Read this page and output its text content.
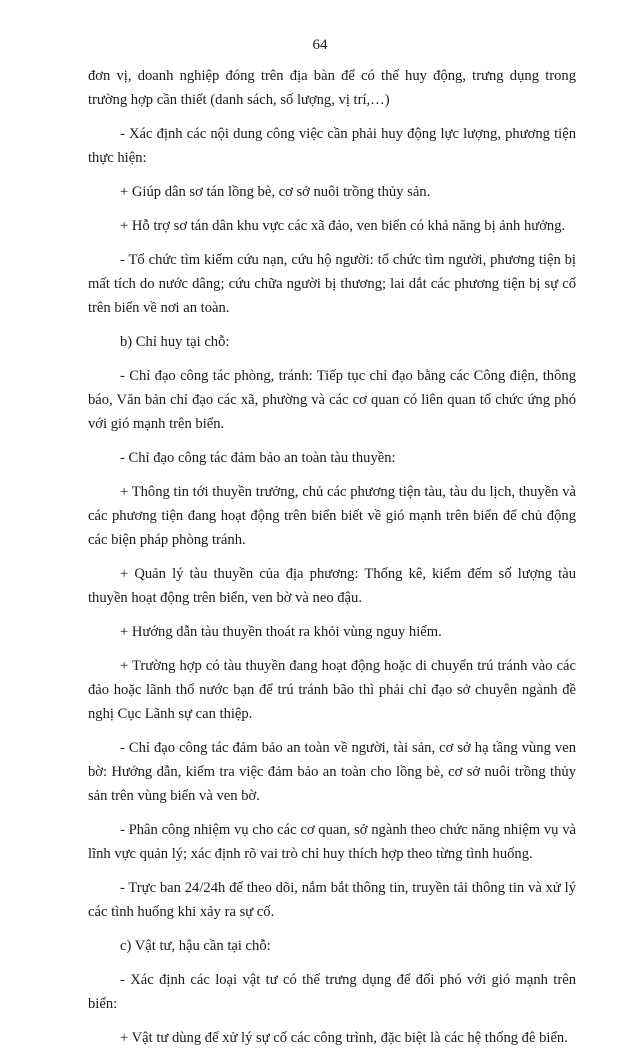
64

đơn vị, doanh nghiệp đóng trên địa bàn để có thể huy động, trưng dụng trong trường hợp cần thiết (danh sách, số lượng, vị trí,…)

- Xác định các nội dung công việc cần phải huy động lực lượng, phương tiện thực hiện:

+ Giúp dân sơ tán lồng bè, cơ sở nuôi trồng thủy sản.

+ Hỗ trợ sơ tán dân khu vực các xã đảo, ven biển có khả năng bị ảnh hưởng.

- Tổ chức tìm kiếm cứu nạn, cứu hộ người: tổ chức tìm người, phương tiện bị mất tích do nước dâng; cứu chữa người bị thương; lai dắt các phương tiện bị sự cố trên biển về nơi an toàn.

b) Chỉ huy tại chỗ:

- Chỉ đạo công tác phòng, tránh: Tiếp tục chỉ đạo bằng các Công điện, thông báo, Văn bản chỉ đạo các xã, phường và các cơ quan có liên quan tổ chức ứng phó với gió mạnh trên biển.

- Chỉ đạo công tác đảm bảo an toàn tàu thuyền:

+ Thông tin tới thuyền trưởng, chủ các phương tiện tàu, tàu du lịch, thuyền và các phương tiện đang hoạt động trên biển biết về gió mạnh trên biển để chủ động các biện pháp phòng tránh.

+ Quản lý tàu thuyền của địa phương: Thống kê, kiểm đếm số lượng tàu thuyền hoạt động trên biển, ven bờ và neo đậu.

+ Hướng dẫn tàu thuyền thoát ra khỏi vùng nguy hiểm.

+ Trường hợp có tàu thuyền đang hoạt động hoặc di chuyển trú tránh vào các đảo hoặc lãnh thổ nước bạn để trú tránh bão thì phải chỉ đạo sở chuyên ngành đề nghị Cục Lãnh sự can thiệp.

- Chỉ đạo công tác đảm bảo an toàn về người, tài sản, cơ sở hạ tầng vùng ven bờ: Hướng dẫn, kiểm tra việc đảm bảo an toàn cho lồng bè, cơ sở nuôi trồng thủy sản trên vùng biển và ven bờ.

- Phân công nhiệm vụ cho các cơ quan, sở ngành theo chức năng nhiệm vụ và lĩnh vực quản lý; xác định rõ vai trò chỉ huy thích hợp theo từng tình huống.

- Trực ban 24/24h để theo dõi, nắm bắt thông tin, truyền tải thông tin và xử lý các tình huống khi xảy ra sự cố.

c) Vật tư, hậu cần tại chỗ:

- Xác định các loại vật tư có thể trưng dụng để đối phó với gió mạnh trên biển:

+ Vật tư dùng để xử lý sự cố các công trình, đặc biệt là các hệ thống đê biển.
